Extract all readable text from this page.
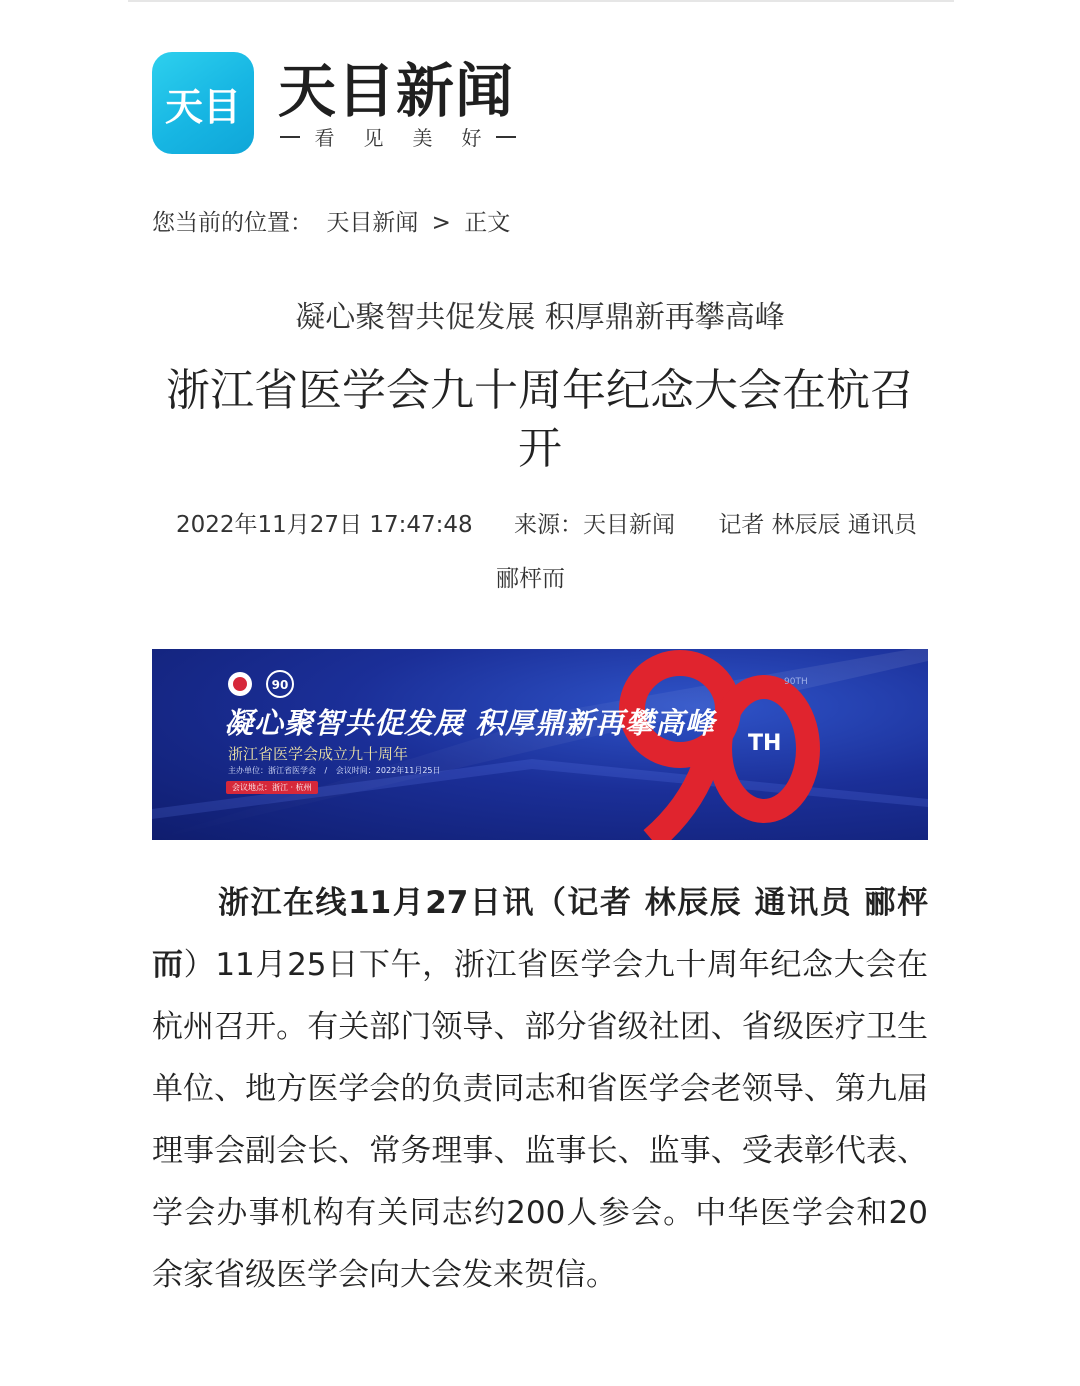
天目 天目新闻
看 见 美 好
您当前的位置： 天目新闻 > 正文
凝心聚智共促发展 积厚鼎新再攀高峰
浙江省医学会九十周年纪念大会在杭召开
2022年11月27日 17:47:48 来源：天目新闻 记者 林辰辰 通讯员
郦枰而
90	90TH
TH
凝心聚智共促发展 积厚鼎新再攀高峰
浙江省医学会成立九十周年
主办单位：浙江省医学会 / 会议时间：2022年11月25日
会议地点：浙江 · 杭州
浙江在线11月27日讯（记者 林辰辰 通讯员 郦枰而）11月25日下午，浙江省医学会九十周年纪念大会在杭州召开。有关部门领导、部分省级社团、省级医疗卫生单位、地方医学会的负责同志和省医学会老领导、第九届理事会副会长、常务理事、监事长、监事、受表彰代表、学会办事机构有关同志约200人参会。中华医学会和20余家省级医学会向大会发来贺信。
